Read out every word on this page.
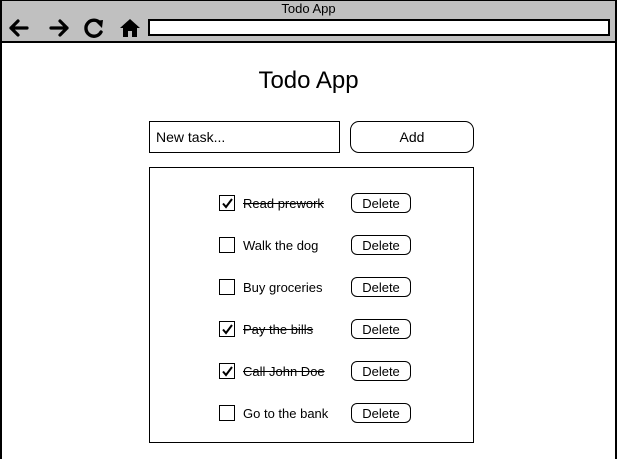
Todo App
Todo App
New task...
Add
Read prework	Delete
Walk the dog	Delete
Buy groceries	Delete
Pay the bills	Delete
Call John Doe	Delete
Go to the bank	Delete
